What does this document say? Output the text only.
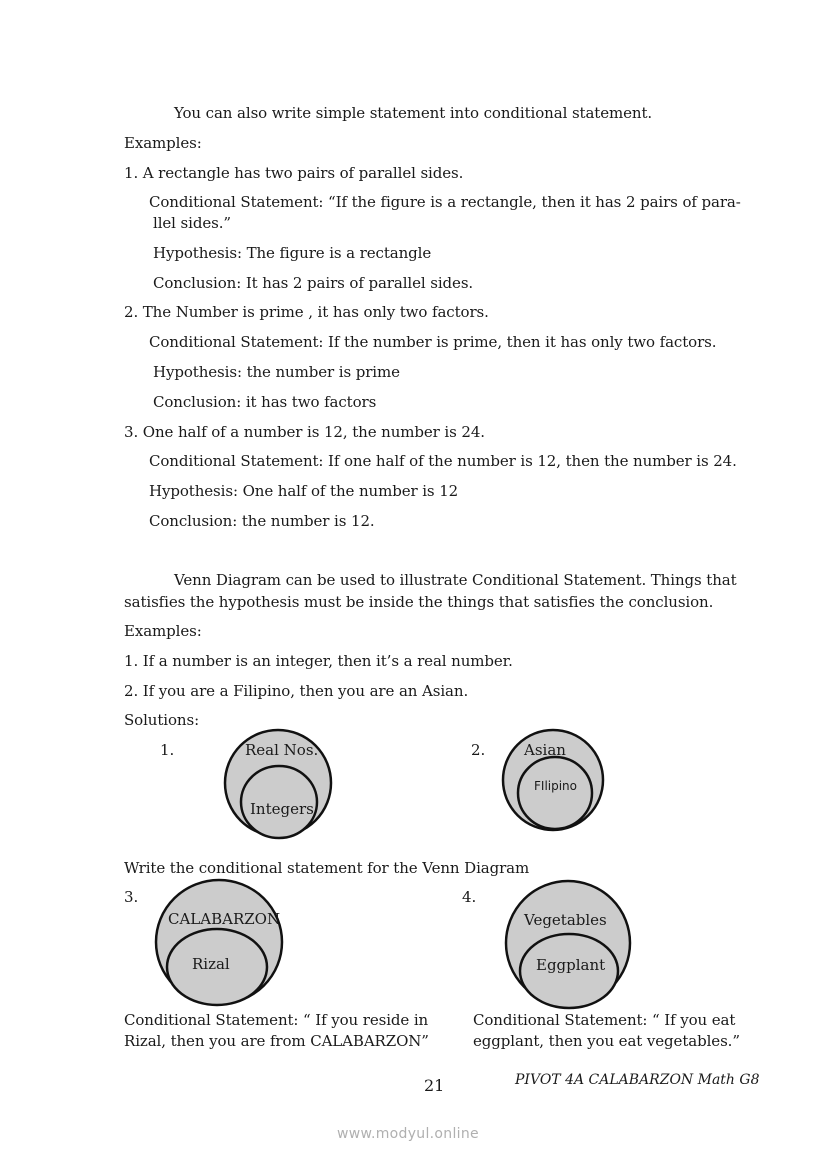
You can also write simple statement into conditional statement.
Examples:
1. A rectangle has two pairs of parallel sides.
Conditional Statement: “If the figure is a rectangle, then it has 2 pairs of para-
llel sides.”
Hypothesis: The figure is a rectangle
Conclusion: It has 2 pairs of parallel sides.
2. The Number is prime , it has only two factors.
Conditional Statement: If the number is prime, then it has only two factors.
Hypothesis: the number is prime
Conclusion: it has two factors
3. One half of a number is 12, the number is 24.
Conditional Statement: If one half of the number is 12, then the number is 24.
Hypothesis: One half of the number is 12
Conclusion: the number is 12.
Venn Diagram can be used to illustrate Conditional Statement. Things that
satisfies the hypothesis must be inside the things that satisfies the conclusion.
Examples:
1. If a number is an integer, then it’s a real number.
2. If you are a Filipino, then you are an Asian.
Solutions:
1.	Real Nos.
Integers
2.	Asian
FIlipino
Write the conditional statement for the Venn Diagram
3.
CALABARZON
Rizal
4.
Vegetables
Eggplant
Conditional Statement: “ If you reside in
Rizal, then you are from CALABARZON”
Conditional Statement: “ If you eat
eggplant, then you eat vegetables.”
21	PIVOT 4A CALABARZON Math G8
www.modyul.online
